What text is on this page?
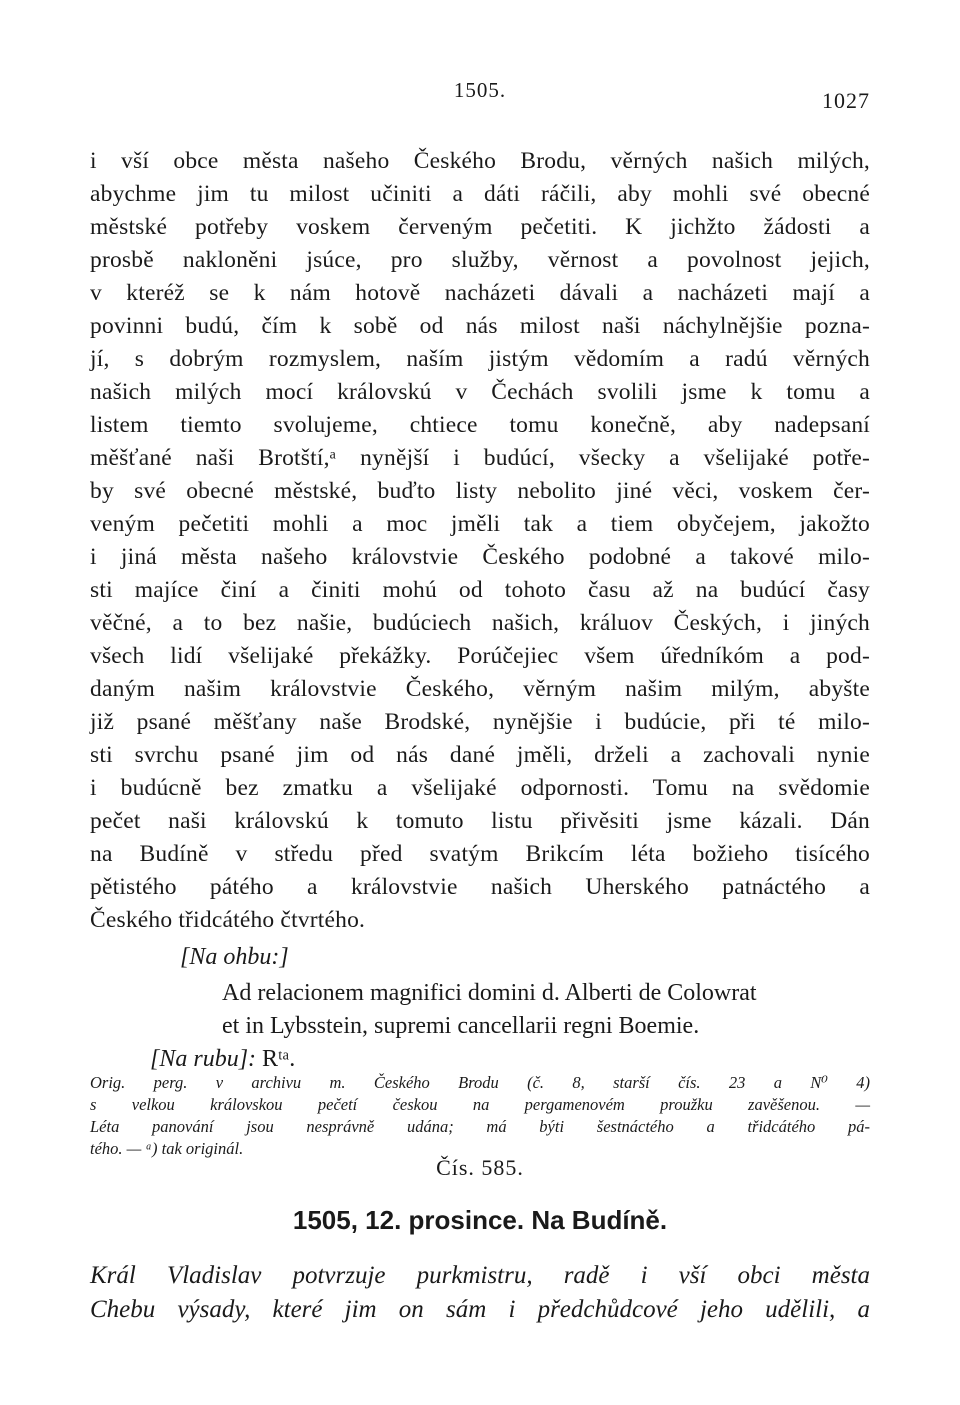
1505.	1027
i vší obce města našeho Českého Brodu, věrných našich milých,
abychme jim tu milost učiniti a dáti ráčili, aby mohli své obecné
městské potřeby voskem červeným pečetiti. K jichžto žádosti a
prosbě nakloněni jsúce, pro služby, věrnost a povolnost jejich,
v kteréž se k nám hotově nacházeti dávali a nacházeti mají a
povinni budú, čím k sobě od nás milost naši náchylnějšie pozna-
jí, s dobrým rozmyslem, naším jistým vědomím a radú věrných
našich milých mocí královskú v Čechách svolili jsme k tomu a
listem tiemto svolujeme, chtiece tomu konečně, aby nadepsaní
měšťané naši Brotští,ᵃ nynější i budúcí, všecky a všelijaké potře-
by své obecné městské, buďto listy nebolito jiné věci, voskem čer-
veným pečetiti mohli a moc jměli tak a tiem obyčejem, jakožto
i jiná města našeho královstvie Českého podobné a takové milo-
sti majíce činí a činiti mohú od tohoto času až na budúcí časy
věčné, a to bez našie, budúciech našich, králuov Českých, i jiných
všech lidí všelijaké překážky. Porúčejiec všem úředníkóm a pod-
daným našim královstvie Českého, věrným našim milým, abyšte
již psané měšťany naše Brodské, nynějšie i budúcie, při té milo-
sti svrchu psané jim od nás dané jměli, drželi a zachovali nynie
i budúcně bez zmatku a všelijaké odpornosti. Tomu na svědomie
pečet naši královskú k tomuto listu přivěsiti jsme kázali. Dán
na Budíně v středu před svatým Brikcím léta božieho tisícého
pětistého pátého a královstvie našich Uherského patnáctého a
Českého třidcátého čtvrtého.
[Na ohbu:]
Ad relacionem magnifici domini d. Alberti de Colowrat
et in Lybsstein, supremi cancellarii regni Boemie.
[Na rubu]: Rᵗᵃ.
Orig. perg. v archivu m. Českého Brodu (č. 8, starší čís. 23 a N⁰ 4)
s velkou královskou pečetí českou na pergamenovém proužku zavěšenou. —
Léta panování jsou nesprávně udána; má býti šestnáctého a třidcátého pá-
tého. — ᵃ) tak originál.
Čís. 585.
1505, 12. prosince. Na Budíně.
Král Vladislav potvrzuje purkmistru, radě i vší obci města
Chebu výsady, které jim on sám i předchůdcové jeho udělili, a
